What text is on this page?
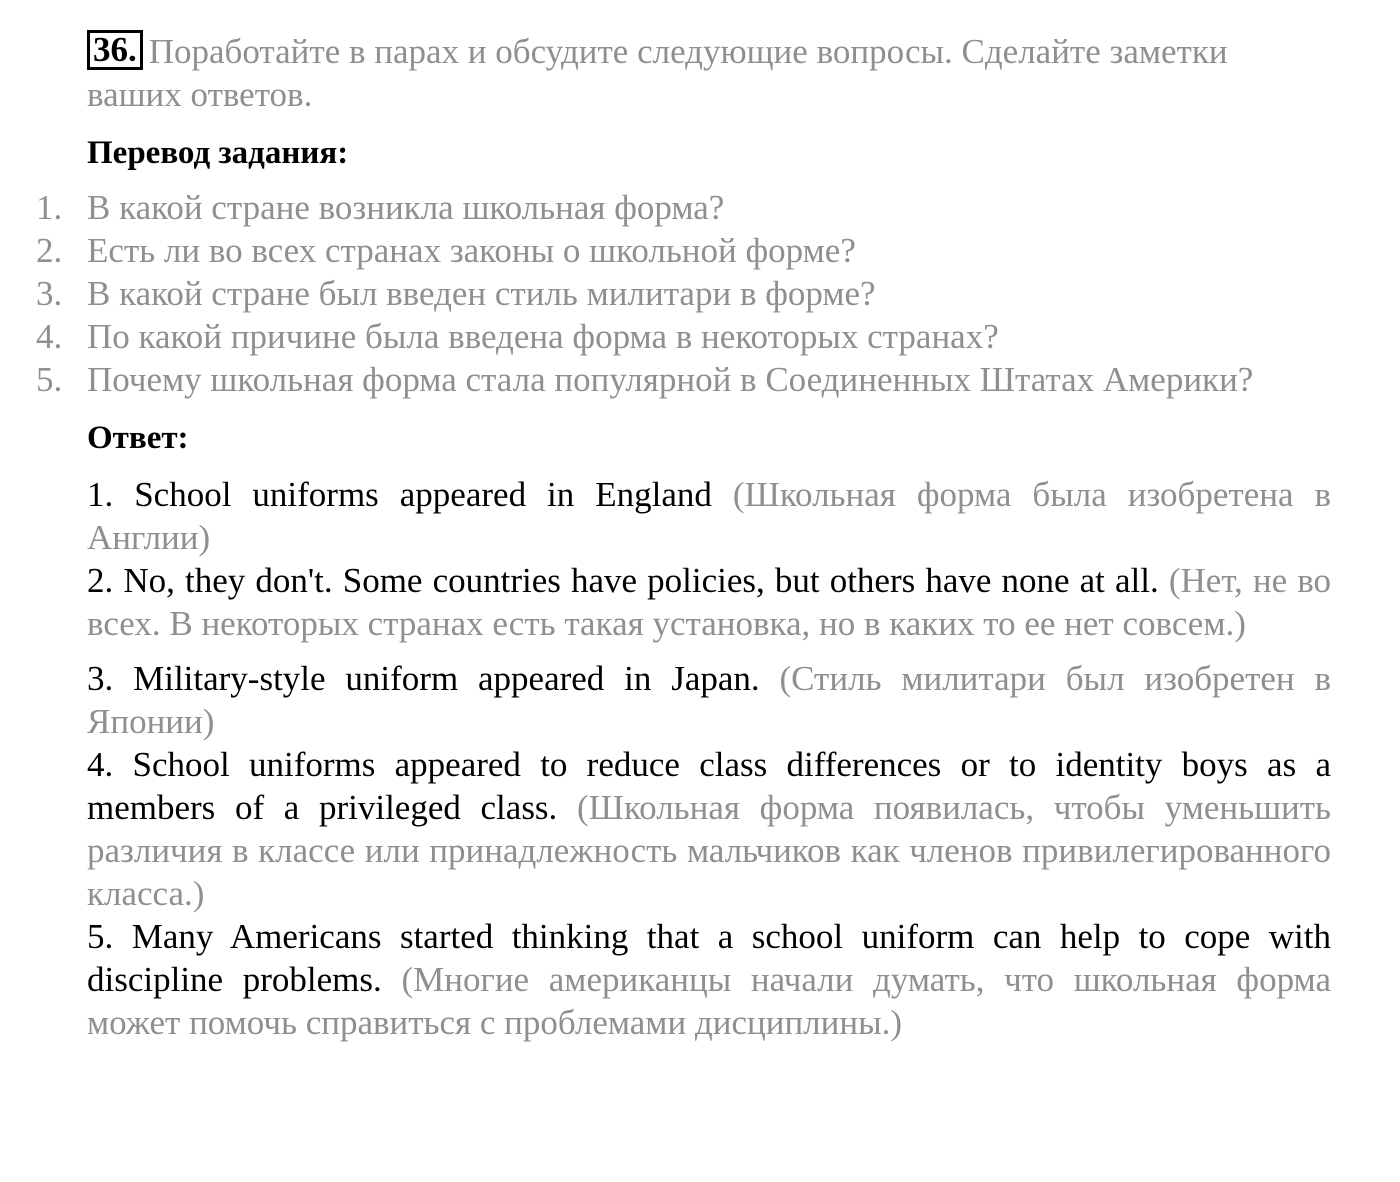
36. Поработайте в парах и обсудите следующие вопросы. Сделайте заметки ваших ответов.

Перевод задания:

1. В какой стране возникла школьная форма?
2. Есть ли во всех странах законы о школьной форме?
3. В какой стране был введен стиль милитари в форме?
4. По какой причине была введена форма в некоторых странах?
5. Почему школьная форма стала популярной в Соединенных Штатах Америки?

Ответ:

1. School uniforms appeared in England (Школьная форма была изобретена в Англии)

2. No, they don't. Some countries have policies, but others have none at all. (Нет, не во всех. В некоторых странах есть такая установка, но в каких то ее нет совсем.)

3. Military-style uniform appeared in Japan. (Стиль милитари был изобретен в Японии)

4. School uniforms appeared to reduce class differences or to identity boys as a members of a privileged class. (Школьная форма появилась, чтобы уменьшить различия в классе или принадлежность мальчиков как членов привилегированного класса.)

5. Many Americans started thinking that a school uniform can help to cope with discipline problems. (Многие американцы начали думать, что школьная форма может помочь справиться с проблемами дисциплины.)
